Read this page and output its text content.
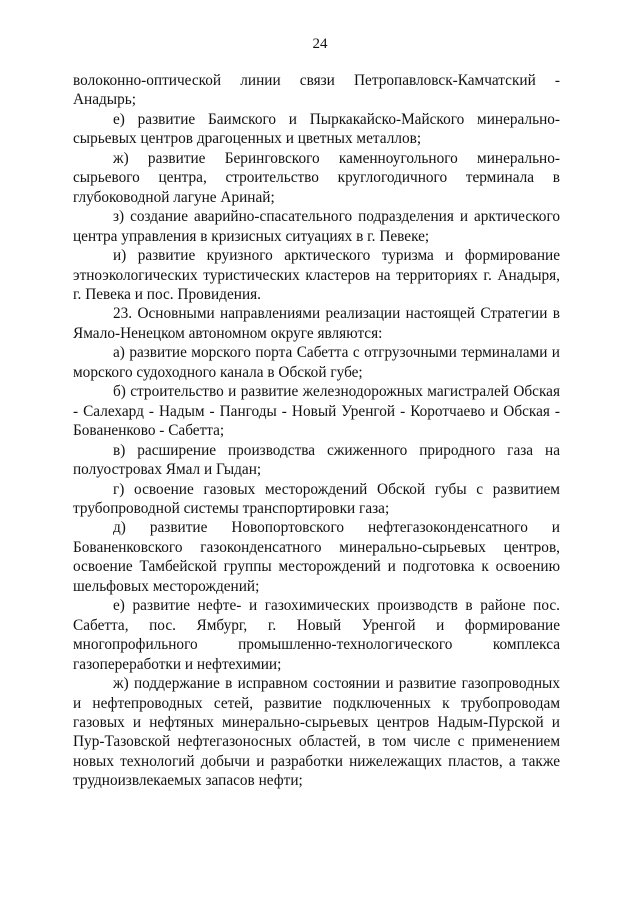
24

волоконно-оптической линии связи Петропавловск-Камчатский - Анадырь;

е) развитие Баимского и Пыркакайско-Майского минерально-сырьевых центров драгоценных и цветных металлов;

ж) развитие Беринговского каменноугольного минерально-сырьевого центра, строительство круглогодичного терминала в глубоководной лагуне Аринай;

з) создание аварийно-спасательного подразделения и арктического центра управления в кризисных ситуациях в г. Певеке;

и) развитие круизного арктического туризма и формирование этноэкологических туристических кластеров на территориях г. Анадыря, г. Певека и пос. Провидения.

23. Основными направлениями реализации настоящей Стратегии в Ямало-Ненецком автономном округе являются:

а) развитие морского порта Сабетта с отгрузочными терминалами и морского судоходного канала в Обской губе;

б) строительство и развитие железнодорожных магистралей Обская - Салехард - Надым - Пангоды - Новый Уренгой - Коротчаево и Обская - Бованенково - Сабетта;

в) расширение производства сжиженного природного газа на полуостровах Ямал и Гыдан;

г) освоение газовых месторождений Обской губы с развитием трубопроводной системы транспортировки газа;

д) развитие Новопортовского нефтегазоконденсатного и Бованенковского газоконденсатного минерально-сырьевых центров, освоение Тамбейской группы месторождений и подготовка к освоению шельфовых месторождений;

е) развитие нефте- и газохимических производств в районе пос. Сабетта, пос. Ямбург, г. Новый Уренгой и формирование многопрофильного промышленно-технологического комплекса газопереработки и нефтехимии;

ж) поддержание в исправном состоянии и развитие газопроводных и нефтепроводных сетей, развитие подключенных к трубопроводам газовых и нефтяных минерально-сырьевых центров Надым-Пурской и Пур-Тазовской нефтегазоносных областей, в том числе с применением новых технологий добычи и разработки нижележащих пластов, а также трудноизвлекаемых запасов нефти;
